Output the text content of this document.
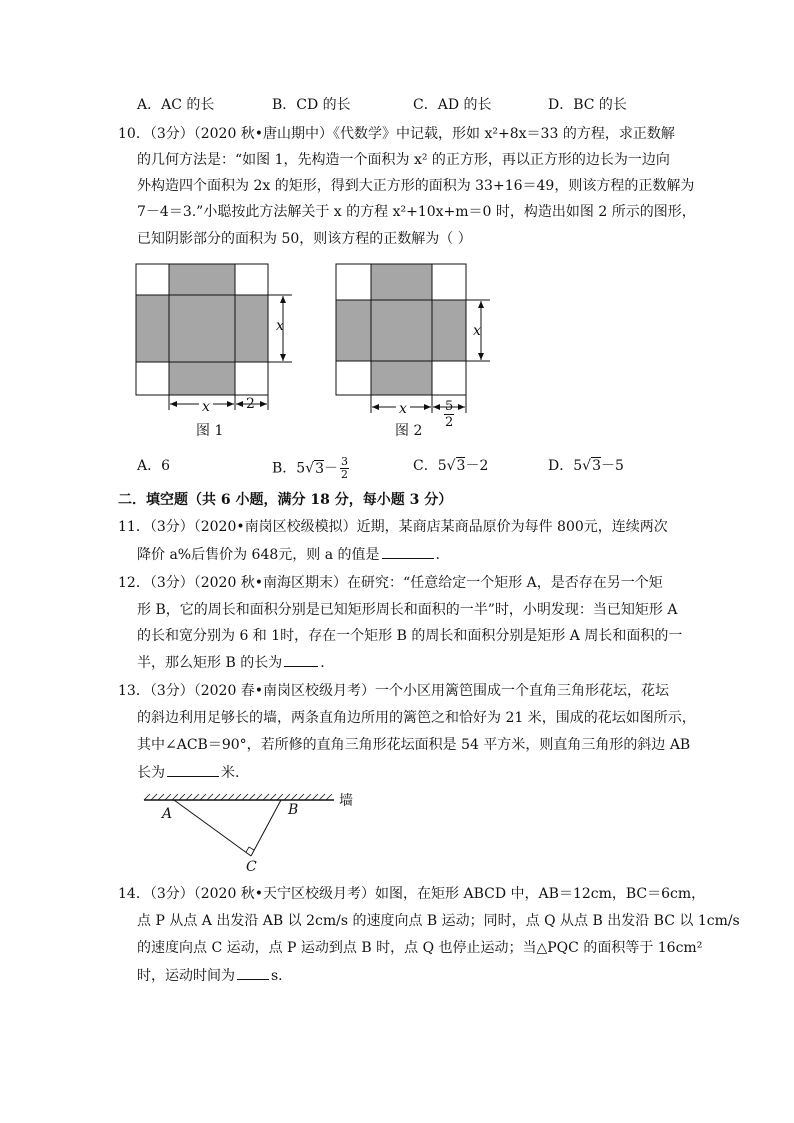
A．AC 的长	B．CD 的长	C．AD 的长	D．BC 的长
10．（3分）（2020 秋•唐山期中）《代数学》中记载，形如 x²+8x＝33 的方程，求正数解
的几何方法是：“如图 1，先构造一个面积为 x² 的正方形，再以正方形的边长为一边向
外构造四个面积为 2x 的矩形，得到大正方形的面积为 33+16＝49，则该方程的正数解为
7－4＝3.”小聪按此方法解关于 x 的方程 x²+10x+m＝0 时，构造出如图 2 所示的图形，
已知阴影部分的面积为 50，则该方程的正数解为（ ）
x
x	2
图 1
x
x	$\frac{5}{2}$
图 2
A．6	B．$5√3- \frac{3}{2}$	C．5√3－2	D．5√3－5
二．填空题（共 6 小题，满分 18 分，每小题 3 分）
11．（3分）（2020•南岗区校级模拟）近期，某商店某商品原价为每件 800元，连续两次
降价 a%后售价为 648元，则 a 的值是	.
12．（3分）（2020 秋•南海区期末）在研究：“任意给定一个矩形 A，是否存在另一个矩
形 B，它的周长和面积分别是已知矩形周长和面积的一半”时，小明发现：当已知矩形 A
的长和宽分别为 6 和 1时，存在一个矩形 B 的周长和面积分别是矩形 A 周长和面积的一
半，那么矩形 B 的长为	.
13．（3分）（2020 春•南岗区校级月考）一个小区用篱笆围成一个直角三角形花坛，花坛
的斜边利用足够长的墙，两条直角边所用的篱笆之和恰好为 21 米，围成的花坛如图所示，
其中∠ACB＝90°，若所修的直角三角形花坛面积是 54 平方米，则直角三角形的斜边 AB
长为	米.
墙
A	B
C
14．（3分）（2020 秋•天宁区校级月考）如图，在矩形 ABCD 中，AB＝12cm，BC＝6cm，
点 P 从点 A 出发沿 AB 以 2cm/s 的速度向点 B 运动；同时，点 Q 从点 B 出发沿 BC 以 1cm/s
的速度向点 C 运动，点 P 运动到点 B 时，点 Q 也停止运动；当△PQC 的面积等于 16cm²
时，运动时间为	s.
